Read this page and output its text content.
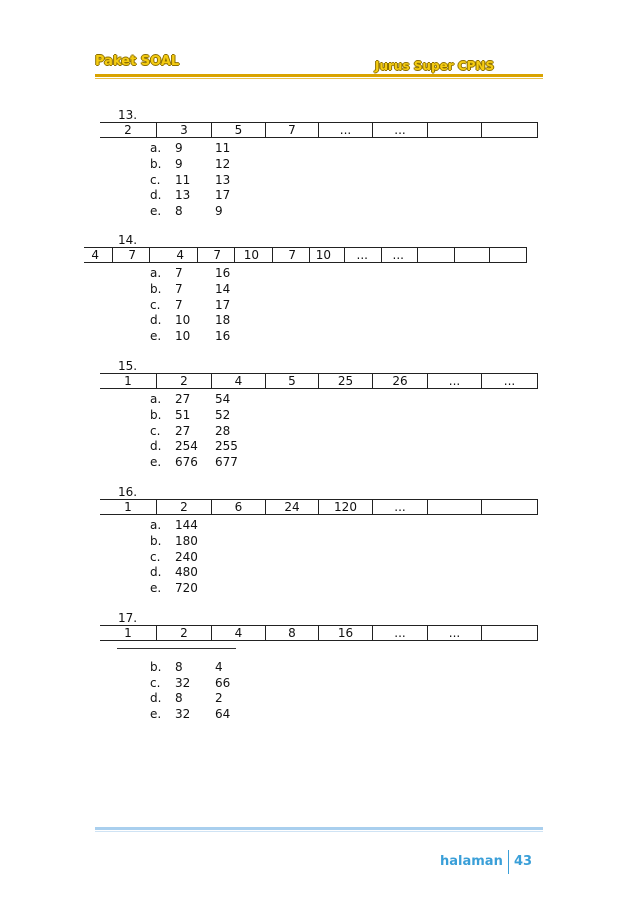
Paket SOAL	Jurus Super CPNS
13.
2	3	5	7	...	...
a. 9	11
b. 9	12
c. 11 13
d. 13 17
e. 8	9
14.
4	7	4	7	10	7	10	...	...
a. 7	16
b. 7	14
c. 7	17
d. 10 18
e. 10 16
15.
1	2	4	5	25	26	...	...
a. 27 54
b. 51 52
c. 27 28
d. 254 255
e. 676 677
16.
1	2	6	24	120	...
a. 144
b. 180
c. 240
d. 480
e. 720
17.
1	2	4	8	16	...	...
b. 8	4
c. 32 66
d. 8	2
e. 32 64
halaman 43
